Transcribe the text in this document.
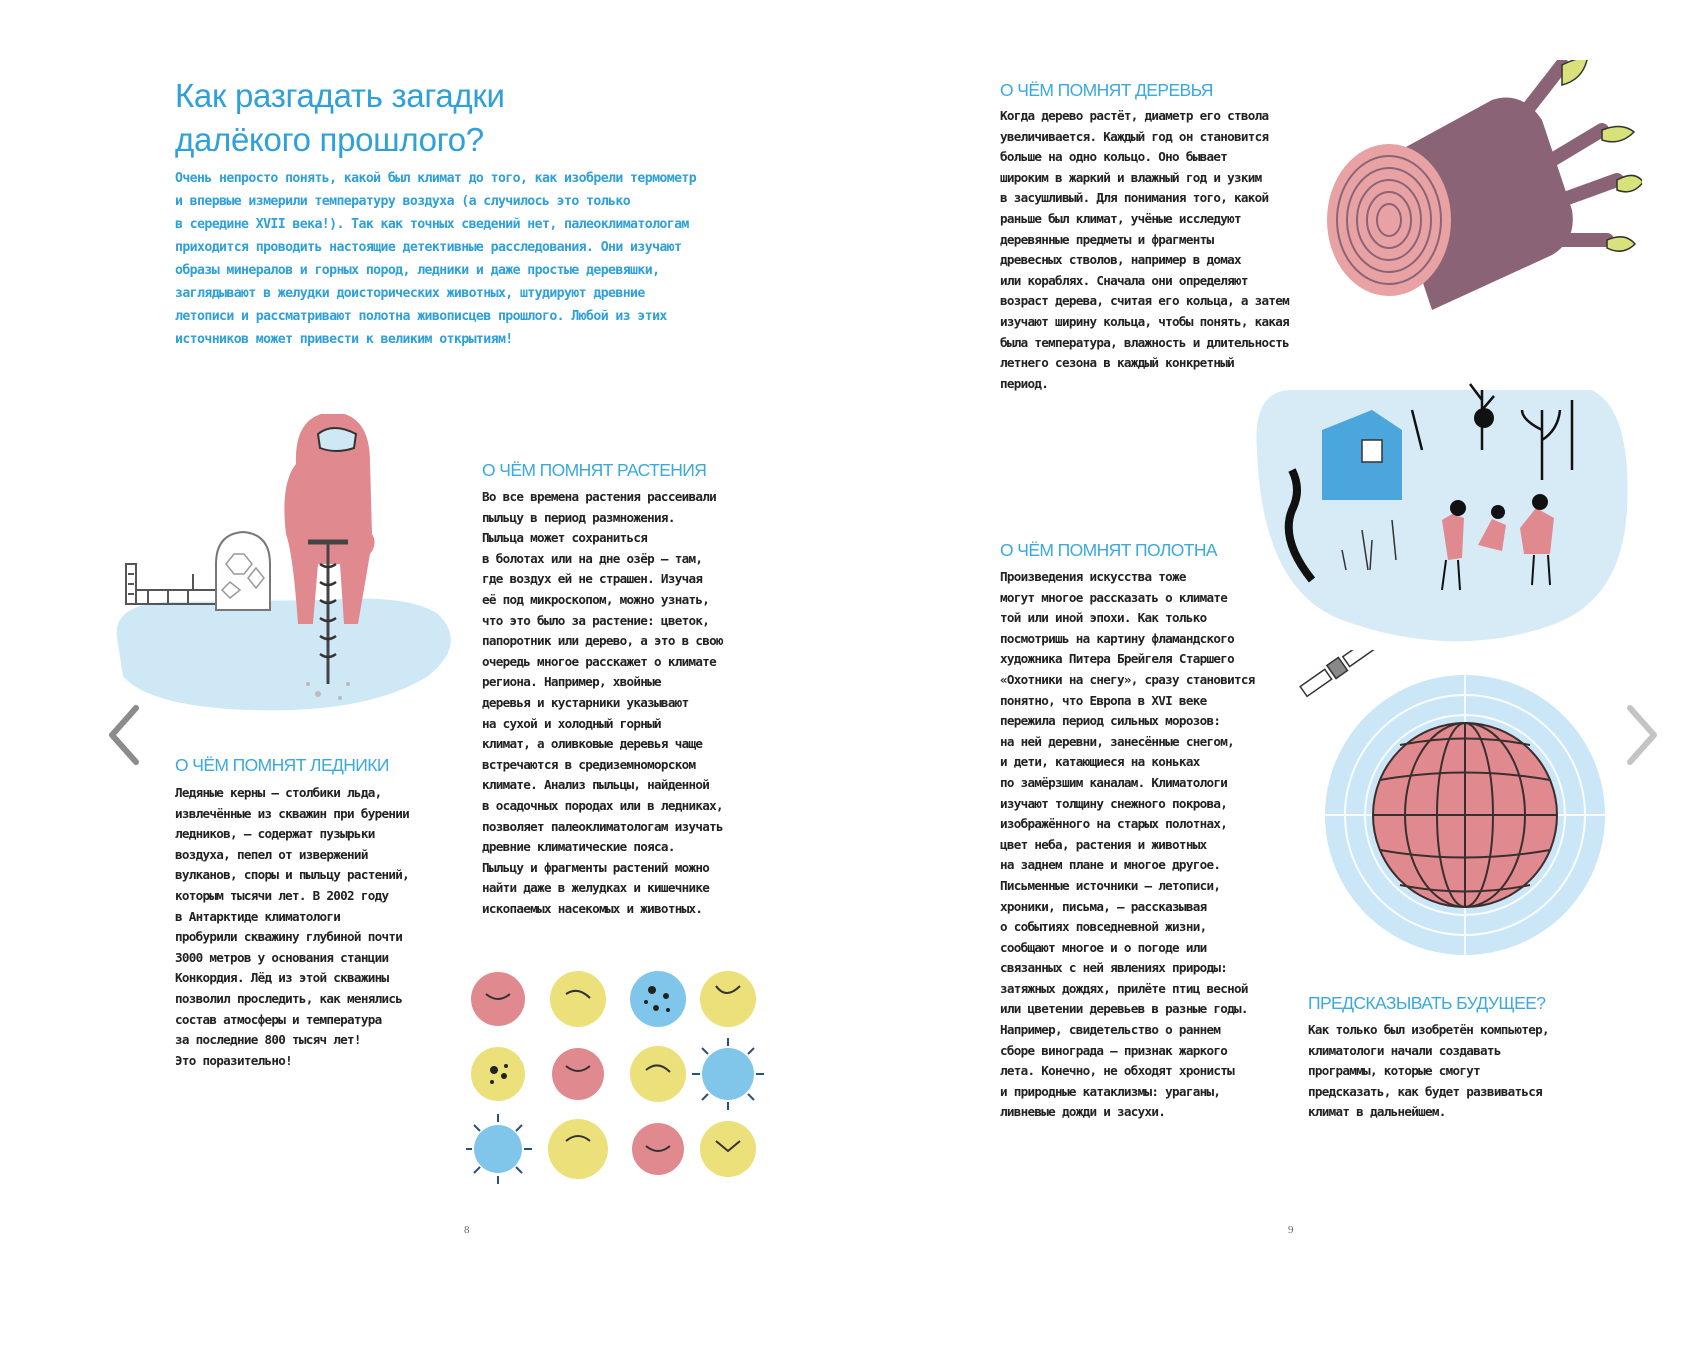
Как разгадать загадки
далёкого прошлого?
Очень непросто понять, какой был климат до того, как изобрели термометр
и впервые измерили температуру воздуха (а случилось это только
в середине XVII века!). Так как точных сведений нет, палеоклиматологам
приходится проводить настоящие детективные расследования. Они изучают
образы минералов и горных пород, ледники и даже простые деревяшки,
заглядывают в желудки доисторических животных, штудируют древние
летописи и рассматривают полотна живописцев прошлого. Любой из этих
источников может привести к великим открытиям!
О ЧЁМ ПОМНЯТ РАСТЕНИЯ
Во все времена растения рассеивали
пыльцу в период размножения.
Пыльца может сохраниться
в болотах или на дне озёр — там,
где воздух ей не страшен. Изучая
её под микроскопом, можно узнать,
что это было за растение: цветок,
папоротник или дерево, а это в свою
очередь многое расскажет о климате
региона. Например, хвойные
деревья и кустарники указывают
на сухой и холодный горный
климат, а оливковые деревья чаще
встречаются в средиземноморском
климате. Анализ пыльцы, найденной
в осадочных породах или в ледниках,
позволяет палеоклиматологам изучать
древние климатические пояса.
Пыльцу и фрагменты растений можно
найти даже в желудках и кишечнике
ископаемых насекомых и животных.
О ЧЁМ ПОМНЯТ ЛЕДНИКИ
Ледяные керны — столбики льда,
извлечённые из скважин при бурении
ледников, — содержат пузырьки
воздуха, пепел от извержений
вулканов, споры и пыльцу растений,
которым тысячи лет. В 2002 году
в Антарктиде климатологи
пробурили скважину глубиной почти
3000 метров у основания станции
Конкордия. Лёд из этой скважины
позволил проследить, как менялись
состав атмосферы и температура
за последние 800 тысяч лет!
Это поразительно!
8
О ЧЁМ ПОМНЯТ ДЕРЕВЬЯ
Когда дерево растёт, диаметр его ствола
увеличивается. Каждый год он становится
больше на одно кольцо. Оно бывает
широким в жаркий и влажный год и узким
в засушливый. Для понимания того, какой
раньше был климат, учёные исследуют
деревянные предметы и фрагменты
древесных стволов, например в домах
или кораблях. Сначала они определяют
возраст дерева, считая его кольца, а затем
изучают ширину кольца, чтобы понять, какая
была температура, влажность и длительность
летнего сезона в каждый конкретный
период.
О ЧЁМ ПОМНЯТ ПОЛОТНА
Произведения искусства тоже
могут многое рассказать о климате
той или иной эпохи. Как только
посмотришь на картину фламандского
художника Питера Брейгеля Старшего
«Охотники на снегу», сразу становится
понятно, что Европа в XVI веке
пережила период сильных морозов:
на ней деревни, занесённые снегом,
и дети, катающиеся на коньках
по замёрзшим каналам. Климатологи
изучают толщину снежного покрова,
изображённого на старых полотнах,
цвет неба, растения и животных
на заднем плане и многое другое.
Письменные источники — летописи,
хроники, письма, — рассказывая
о событиях повседневной жизни,
сообщают многое и о погоде или
связанных с ней явлениях природы:
затяжных дождях, прилёте птиц весной
или цветении деревьев в разные годы.
Например, свидетельство о раннем
сборе винограда — признак жаркого
лета. Конечно, не обходят хронисты
и природные катаклизмы: ураганы,
ливневые дожди и засухи.
ПРЕДСКАЗЫВАТЬ БУДУЩЕЕ?
Как только был изобретён компьютер,
климатологи начали создавать
программы, которые смогут
предсказать, как будет развиваться
климат в дальнейшем.
9
